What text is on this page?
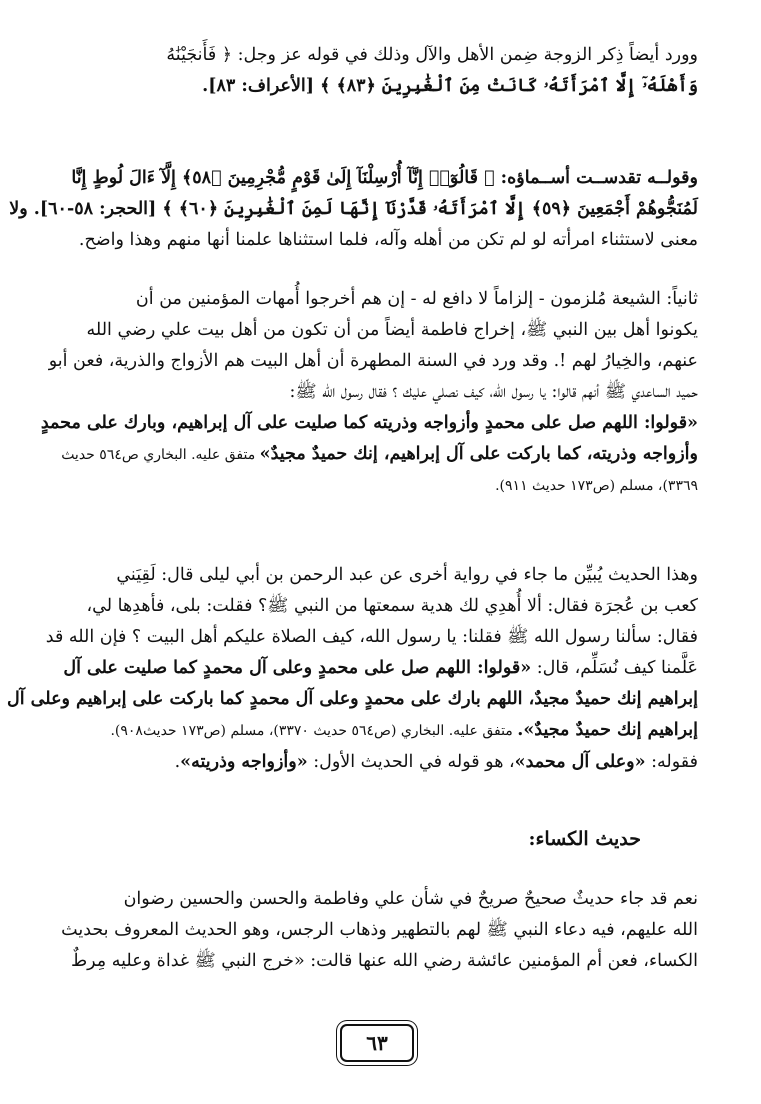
وورد أيضاً ذِكر الزوجة ضِمن الأهل والآل وذلك في قوله عز وجل: ﴿ فَأَنجَيْنَٰهُ
وَأَهْلَهُۥٓ إِلَّا ٱمْرَأَتَهُۥ كَانَتْ مِنَ ٱلْغَٰبِرِينَ ﴿٨٣﴾ ﴾ [الأعراف: ٨٣].

وقولــه تقدســت أســماؤه: ﴿ قَالُوٓا۟ إِنَّآ أُرْسِلْنَآ إِلَىٰ قَوْمٍ مُّجْرِمِينَ ﴿٥٨﴾ إِلَّآ ءَالَ لُوطٍ إِنَّا
لَمُنَجُّوهُمْ أَجْمَعِينَ ﴿٥٩﴾ إِلَّا ٱمْرَأَتَهُۥ قَدَّرْنَآ إِنَّهَا لَمِنَ ٱلْغَٰبِرِينَ ﴿٦٠﴾ ﴾ [الحجر: ٥٨-٦٠]. ولا
معنى لاستثناء امرأته لو لم تكن من أهله وآله، فلما استثناها علمنا أنها منهم وهذا واضح.

ثانياً: الشيعة مُلزمون - إلزاماً لا دافع له - إن هم أخرجوا أُمهات المؤمنين من أن
يكونوا أهل بين النبي ﷺ، إخراج فاطمة أيضاً من أن تكون من أهل بيت علي رضي الله
عنهم، والخِيارُ لهم !. وقد ورد في السنة المطهرة أن أهل البيت هم الأزواج والذرية، فعن أبو
حميد الساعدي ﷺ أنهم قالوا: يا رسول الله، كيف نصلي عليك ؟ فقال رسول الله ﷺ:
«قولوا: اللهم صل على محمدٍ وأزواجه وذريته كما صليت على آل إبراهيم، وبارك على محمدٍ
وأزواجه وذريته، كما باركت على آل إبراهيم، إنك حميدٌ مجيدٌ» متفق عليه. البخاري ص٥٦٤ حديث
٣٣٦٩)، مسلم (ص١٧٣ حديث ٩١١).

وهذا الحديث يُبيِّن ما جاء في رواية أخرى عن عبد الرحمن بن أبي ليلى قال: لَقِيَني
كعب بن عُجرَة فقال: ألا أُهدِي لك هدية سمعتها من النبي ﷺ؟ فقلت: بلى، فأهدِها لي،
فقال: سألنا رسول الله ﷺ فقلنا: يا رسول الله، كيف الصلاة عليكم أهل البيت ؟ فإن الله قد
عَلَّمنا كيف نُسَلِّم، قال: «قولوا: اللهم صل على محمدٍ وعلى آل محمدٍ كما صليت على آل
إبراهيم إنك حميدٌ مجيدٌ، اللهم بارك على محمدٍ وعلى آل محمدٍ كما باركت على إبراهيم وعلى آل
إبراهيم إنك حميدٌ مجيدٌ». متفق عليه. البخاري (ص٥٦٤ حديث ٣٣٧٠)، مسلم (ص١٧٣ حديث٩٠٨).
فقوله: «وعلى آل محمد»، هو قوله في الحديث الأول: «وأزواجه وذريته».

حديث الكساء:

نعم قد جاء حديثٌ صحيحٌ صريحٌ في شأن علي وفاطمة والحسن والحسين رضوان
الله عليهم، فيه دعاء النبي ﷺ لهم بالتطهير وذهاب الرجس، وهو الحديث المعروف بحديث
الكساء، فعن أم المؤمنين عائشة رضي الله عنها قالت: «خرج النبي ﷺ غداة وعليه مِرطٌ

٦٣
